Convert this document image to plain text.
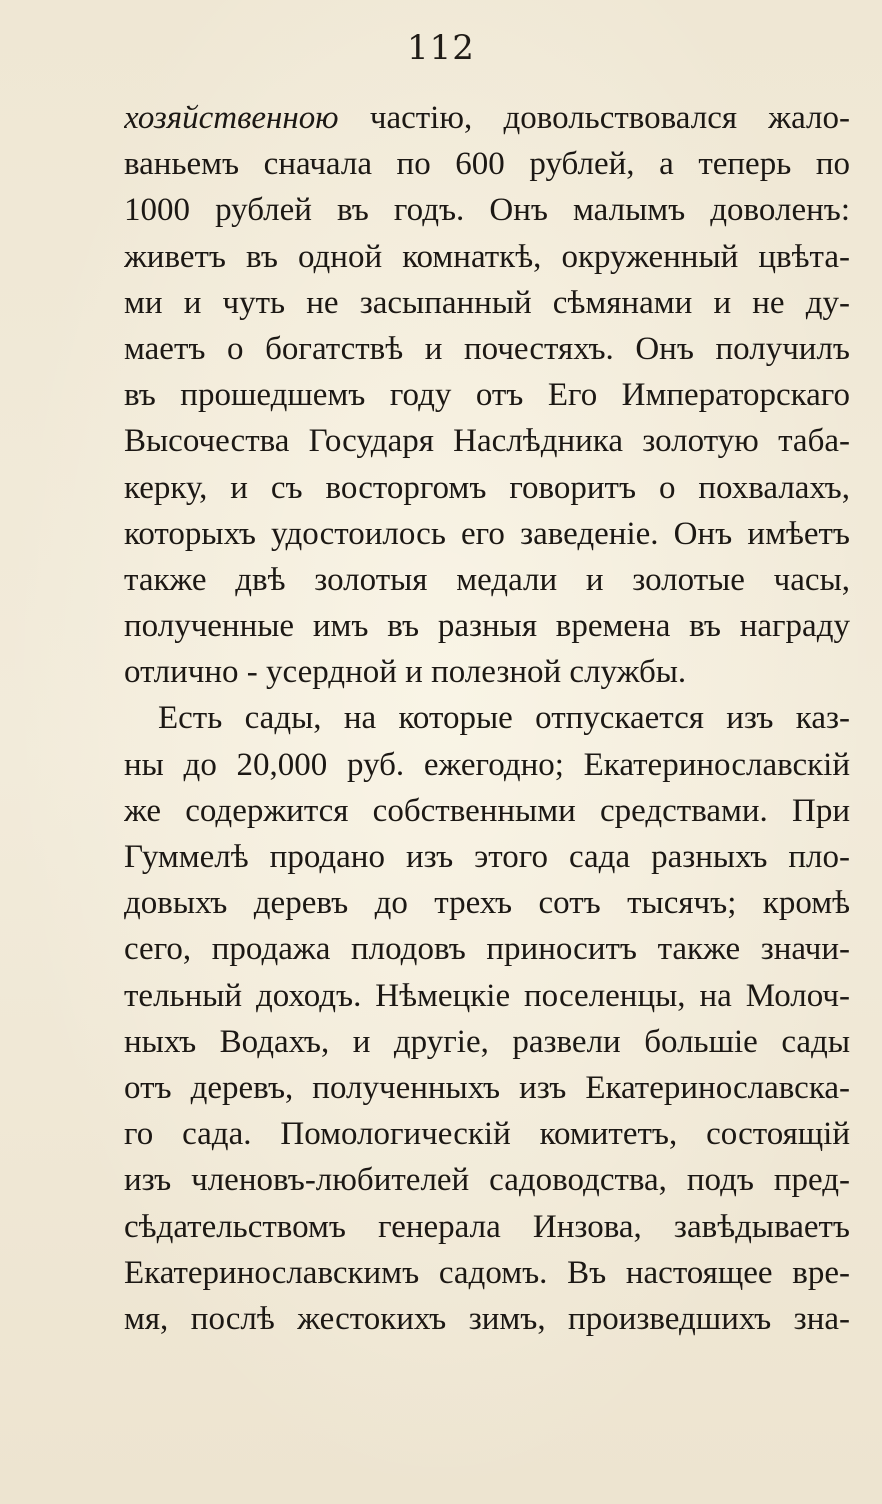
112
хозяйственною частію, довольствовался жало-
ваньемъ сначала по 600 рублей, а теперь по
1000 рублей въ годъ. Онъ малымъ доволенъ:
живетъ въ одной комнаткѣ, окруженный цвѣта-
ми и чуть не засыпанный сѣмянами и не ду-
маетъ о богатствѣ и почестяхъ. Онъ получилъ
въ прошедшемъ году отъ Его Императорскаго
Высочества Государя Наслѣдника золотую таба-
керку, и съ восторгомъ говоритъ о похвалахъ,
которыхъ удостоилось его заведеніе. Онъ имѣетъ
также двѣ золотыя медали и золотые часы,
полученные имъ въ разныя времена въ награду
отлично - усердной и полезной службы.
Есть сады, на которые отпускается изъ каз-
ны до 20,000 руб. ежегодно; Екатеринославскій
же содержится собственными средствами. При
Гуммелѣ продано изъ этого сада разныхъ пло-
довыхъ деревъ до трехъ сотъ тысячъ; кромѣ
сего, продажа плодовъ приноситъ также значи-
тельный доходъ. Нѣмецкіе поселенцы, на Молоч-
ныхъ Водахъ, и другіе, развели большіе сады
отъ деревъ, полученныхъ изъ Екатеринославска-
го сада. Помологическій комитетъ, состоящій
изъ членовъ-любителей садоводства, подъ пред-
сѣдательствомъ генерала Инзова, завѣдываетъ
Екатеринославскимъ садомъ. Въ настоящее вре-
мя, послѣ жестокихъ зимъ, произведшихъ зна-
